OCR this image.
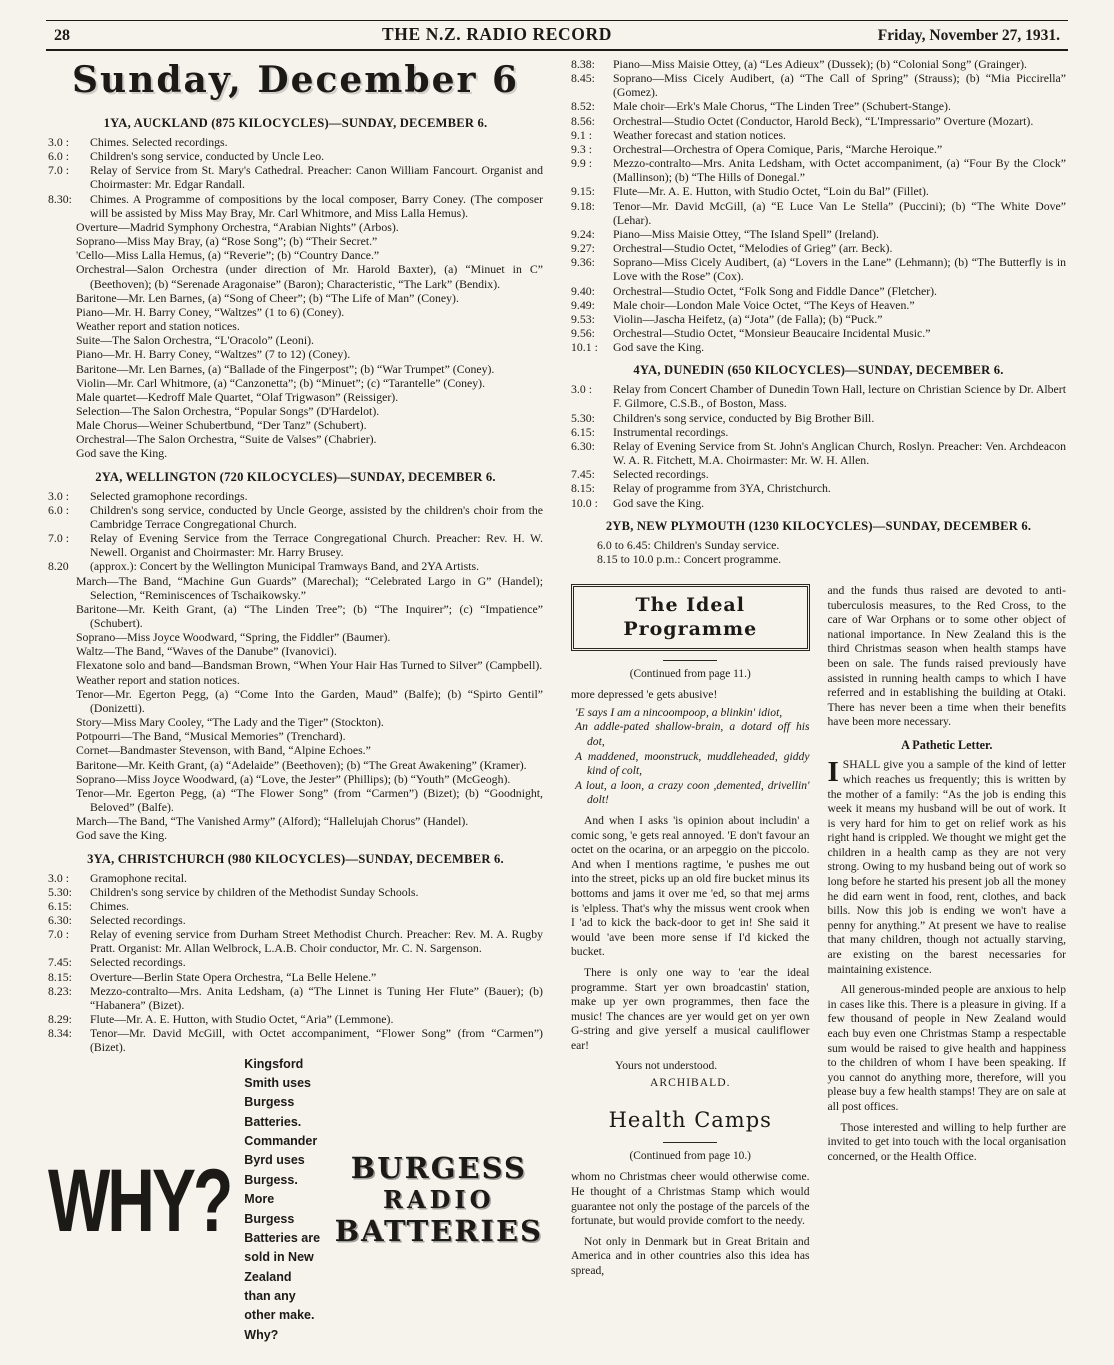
28	THE N.Z. RADIO RECORD	Friday, November 27, 1931.
Sunday, December 6
1YA, AUCKLAND (875 KILOCYCLES)—SUNDAY, DECEMBER 6.

3.0 : Chimes. Selected recordings.

6.0 : Children's song service, conducted by Uncle Leo.

7.0 : Relay of Service from St. Mary's Cathedral. Preacher: Canon William Fancourt. Organist and Choirmaster: Mr. Edgar Randall.

8.30: Chimes. A Programme of compositions by the local composer, Barry Coney. (The composer will be assisted by Miss May Bray, Mr. Carl Whitmore, and Miss Lalla Hemus).

Overture—Madrid Symphony Orchestra, “Arabian Nights” (Arbos).

Soprano—Miss May Bray, (a) “Rose Song”; (b) “Their Secret.”

'Cello—Miss Lalla Hemus, (a) “Reverie”; (b) “Country Dance.”

Orchestral—Salon Orchestra (under direction of Mr. Harold Baxter), (a) “Minuet in C” (Beethoven); (b) “Serenade Aragonaise” (Baron); Characteristic, “The Lark” (Bendix).

Baritone—Mr. Len Barnes, (a) “Song of Cheer”; (b) “The Life of Man” (Coney).

Piano—Mr. H. Barry Coney, “Waltzes” (1 to 6) (Coney).

Weather report and station notices.

Suite—The Salon Orchestra, “L'Oracolo” (Leoni).

Piano—Mr. H. Barry Coney, “Waltzes” (7 to 12) (Coney).

Baritone—Mr. Len Barnes, (a) “Ballade of the Fingerpost”; (b) “War Trumpet” (Coney).

Violin—Mr. Carl Whitmore, (a) “Canzonetta”; (b) “Minuet”; (c) “Tarantelle” (Coney).

Male quartet—Kedroff Male Quartet, “Olaf Trigwason” (Reissiger).

Selection—The Salon Orchestra, “Popular Songs” (D'Hardelot).

Male Chorus—Weiner Schubertbund, “Der Tanz” (Schubert).

Orchestral—The Salon Orchestra, “Suite de Valses” (Chabrier).

God save the King.

2YA, WELLINGTON (720 KILOCYCLES)—SUNDAY, DECEMBER 6.

3.0 : Selected gramophone recordings.

6.0 : Children's song service, conducted by Uncle George, assisted by the children's choir from the Cambridge Terrace Congregational Church.

7.0 : Relay of Evening Service from the Terrace Congregational Church. Preacher: Rev. H. W. Newell. Organist and Choirmaster: Mr. Harry Brusey.

8.20 (approx.): Concert by the Wellington Municipal Tramways Band, and 2YA Artists.

March—The Band, “Machine Gun Guards” (Marechal); “Celebrated Largo in G” (Handel); Selection, “Reminiscences of Tschaikowsky.”

Baritone—Mr. Keith Grant, (a) “The Linden Tree”; (b) “The Inquirer”; (c) “Impatience” (Schubert).

Soprano—Miss Joyce Woodward, “Spring, the Fiddler” (Baumer).

Waltz—The Band, “Waves of the Danube” (Ivanovici).

Flexatone solo and band—Bandsman Brown, “When Your Hair Has Turned to Silver” (Campbell).

Weather report and station notices.

Tenor—Mr. Egerton Pegg, (a) “Come Into the Garden, Maud” (Balfe); (b) “Spirto Gentil” (Donizetti).

Story—Miss Mary Cooley, “The Lady and the Tiger” (Stockton).

Potpourri—The Band, “Musical Memories” (Trenchard).

Cornet—Bandmaster Stevenson, with Band, “Alpine Echoes.”

Baritone—Mr. Keith Grant, (a) “Adelaide” (Beethoven); (b) “The Great Awakening” (Kramer).

Soprano—Miss Joyce Woodward, (a) “Love, the Jester” (Phillips); (b) “Youth” (McGeogh).

Tenor—Mr. Egerton Pegg, (a) “The Flower Song” (from “Carmen”) (Bizet); (b) “Goodnight, Beloved” (Balfe).

March—The Band, “The Vanished Army” (Alford); “Hallelujah Chorus” (Handel).

God save the King.

3YA, CHRISTCHURCH (980 KILOCYCLES)—SUNDAY, DECEMBER 6.

3.0 : Gramophone recital.

5.30: Children's song service by children of the Methodist Sunday Schools.

6.15: Chimes.

6.30: Selected recordings.

7.0 : Relay of evening service from Durham Street Methodist Church. Preacher: Rev. M. A. Rugby Pratt. Organist: Mr. Allan Welbrock, L.A.B. Choir conductor, Mr. C. N. Sargenson.

7.45: Selected recordings.

8.15: Overture—Berlin State Opera Orchestra, “La Belle Helene.”

8.23: Mezzo-contralto—Mrs. Anita Ledsham, (a) “The Linnet is Tuning Her Flute” (Bauer); (b) “Habanera” (Bizet).

8.29: Flute—Mr. A. E. Hutton, with Studio Octet, “Aria” (Lemmone).

8.34: Tenor—Mr. David McGill, with Octet accompaniment, “Flower Song” (from “Carmen”) (Bizet).

WHY?
Kingsford Smith uses Burgess Batteries. Commander Byrd uses Burgess. More Burgess Batteries are sold in New Zealand than any other make. Why?
BURGESS
RADIO
BATTERIES

8.38: Piano—Miss Maisie Ottey, (a) “Les Adieux” (Dussek); (b) “Colonial Song” (Grainger).

8.45: Soprano—Miss Cicely Audibert, (a) “The Call of Spring” (Strauss); (b) “Mia Piccirella” (Gomez).

8.52: Male choir—Erk's Male Chorus, “The Linden Tree” (Schubert-Stange).

8.56: Orchestral—Studio Octet (Conductor, Harold Beck), “L'Impressario” Overture (Mozart).

9.1 : Weather forecast and station notices.

9.3 : Orchestral—Orchestra of Opera Comique, Paris, “Marche Heroique.”

9.9 : Mezzo-contralto—Mrs. Anita Ledsham, with Octet accompaniment, (a) “Four By the Clock” (Mallinson); (b) “The Hills of Donegal.”

9.15: Flute—Mr. A. E. Hutton, with Studio Octet, “Loin du Bal” (Fillet).

9.18: Tenor—Mr. David McGill, (a) “E Luce Van Le Stella” (Puccini); (b) “The White Dove” (Lehar).

9.24: Piano—Miss Maisie Ottey, “The Island Spell” (Ireland).

9.27: Orchestral—Studio Octet, “Melodies of Grieg” (arr. Beck).

9.36: Soprano—Miss Cicely Audibert, (a) “Lovers in the Lane” (Lehmann); (b) “The Butterfly is in Love with the Rose” (Cox).

9.40: Orchestral—Studio Octet, “Folk Song and Fiddle Dance” (Fletcher).

9.49: Male choir—London Male Voice Octet, “The Keys of Heaven.”

9.53: Violin—Jascha Heifetz, (a) “Jota” (de Falla); (b) “Puck.”

9.56: Orchestral—Studio Octet, “Monsieur Beaucaire Incidental Music.”

10.1 : God save the King.

4YA, DUNEDIN (650 KILOCYCLES)—SUNDAY, DECEMBER 6.

3.0 : Relay from Concert Chamber of Dunedin Town Hall, lecture on Christian Science by Dr. Albert F. Gilmore, C.S.B., of Boston, Mass.

5.30: Children's song service, conducted by Big Brother Bill.

6.15: Instrumental recordings.

6.30: Relay of Evening Service from St. John's Anglican Church, Roslyn. Preacher: Ven. Archdeacon W. A. R. Fitchett, M.A. Choirmaster: Mr. W. H. Allen.

7.45: Selected recordings.

8.15: Relay of programme from 3YA, Christchurch.

10.0 : God save the King.

2YB, NEW PLYMOUTH (1230 KILOCYCLES)—SUNDAY, DECEMBER 6.

6.0 to 6.45: Children's Sunday service.

8.15 to 10.0 p.m.: Concert programme.

The Ideal Programme

(Continued from page 11.)

more depressed 'e gets abusive!

'E says I am a nincoompoop, a blinkin' idiot,

An addle-pated shallow-brain, a dotard off his dot,

A maddened, moonstruck, muddleheaded, giddy kind of colt,

A lout, a loon, a crazy coon ,demented, drivellin' dolt!

And when I asks 'is opinion about includin' a comic song, 'e gets real annoyed. 'E don't favour an octet on the ocarina, or an arpeggio on the piccolo. And when I mentions ragtime, 'e pushes me out into the street, picks up an old fire bucket minus its bottoms and jams it over me 'ed, so that mej arms is 'elpless. That's why the missus went crook when I 'ad to kick the back-door to get in! She said it would 'ave been more sense if I'd kicked the bucket.

There is only one way to 'ear the ideal programme. Start yer own broadcastin' station, make up yer own programmes, then face the music! The chances are yer would get on yer own G-string and give yerself a musical cauliflower ear!

Yours not understood.

ARCHIBALD.

Health Camps

(Continued from page 10.)

whom no Christmas cheer would otherwise come. He thought of a Christmas Stamp which would guarantee not only the postage of the parcels of the fortunate, but would provide comfort to the needy.

Not only in Denmark but in Great Britain and America and in other countries also this idea has spread,

and the funds thus raised are devoted to anti-tuberculosis measures, to the Red Cross, to the care of War Orphans or to some other object of national importance. In New Zealand this is the third Christmas season when health stamps have been on sale. The funds raised previously have assisted in running health camps to which I have referred and in establishing the building at Otaki. There has never been a time when their benefits have been more necessary.

A Pathetic Letter.

ISHALL give you a sample of the kind of letter which reaches us frequently; this is written by the mother of a family: “As the job is ending this week it means my husband will be out of work. It is very hard for him to get on relief work as his right hand is crippled. We thought we might get the children in a health camp as they are not very strong. Owing to my husband being out of work so long before he started his present job all the money he did earn went in food, rent, clothes, and back bills. Now this job is ending we won't have a penny for anything.” At present we have to realise that many children, though not actually starving, are existing on the barest necessaries for maintaining existence.

All generous-minded people are anxious to help in cases like this. There is a pleasure in giving. If a few thousand of people in New Zealand would each buy even one Christmas Stamp a respectable sum would be raised to give health and happiness to the children of whom I have been speaking. If you cannot do anything more, therefore, will you please buy a few health stamps! They are on sale at all post offices.

Those interested and willing to help further are invited to get into touch with the local organisation concerned, or the Health Office.
